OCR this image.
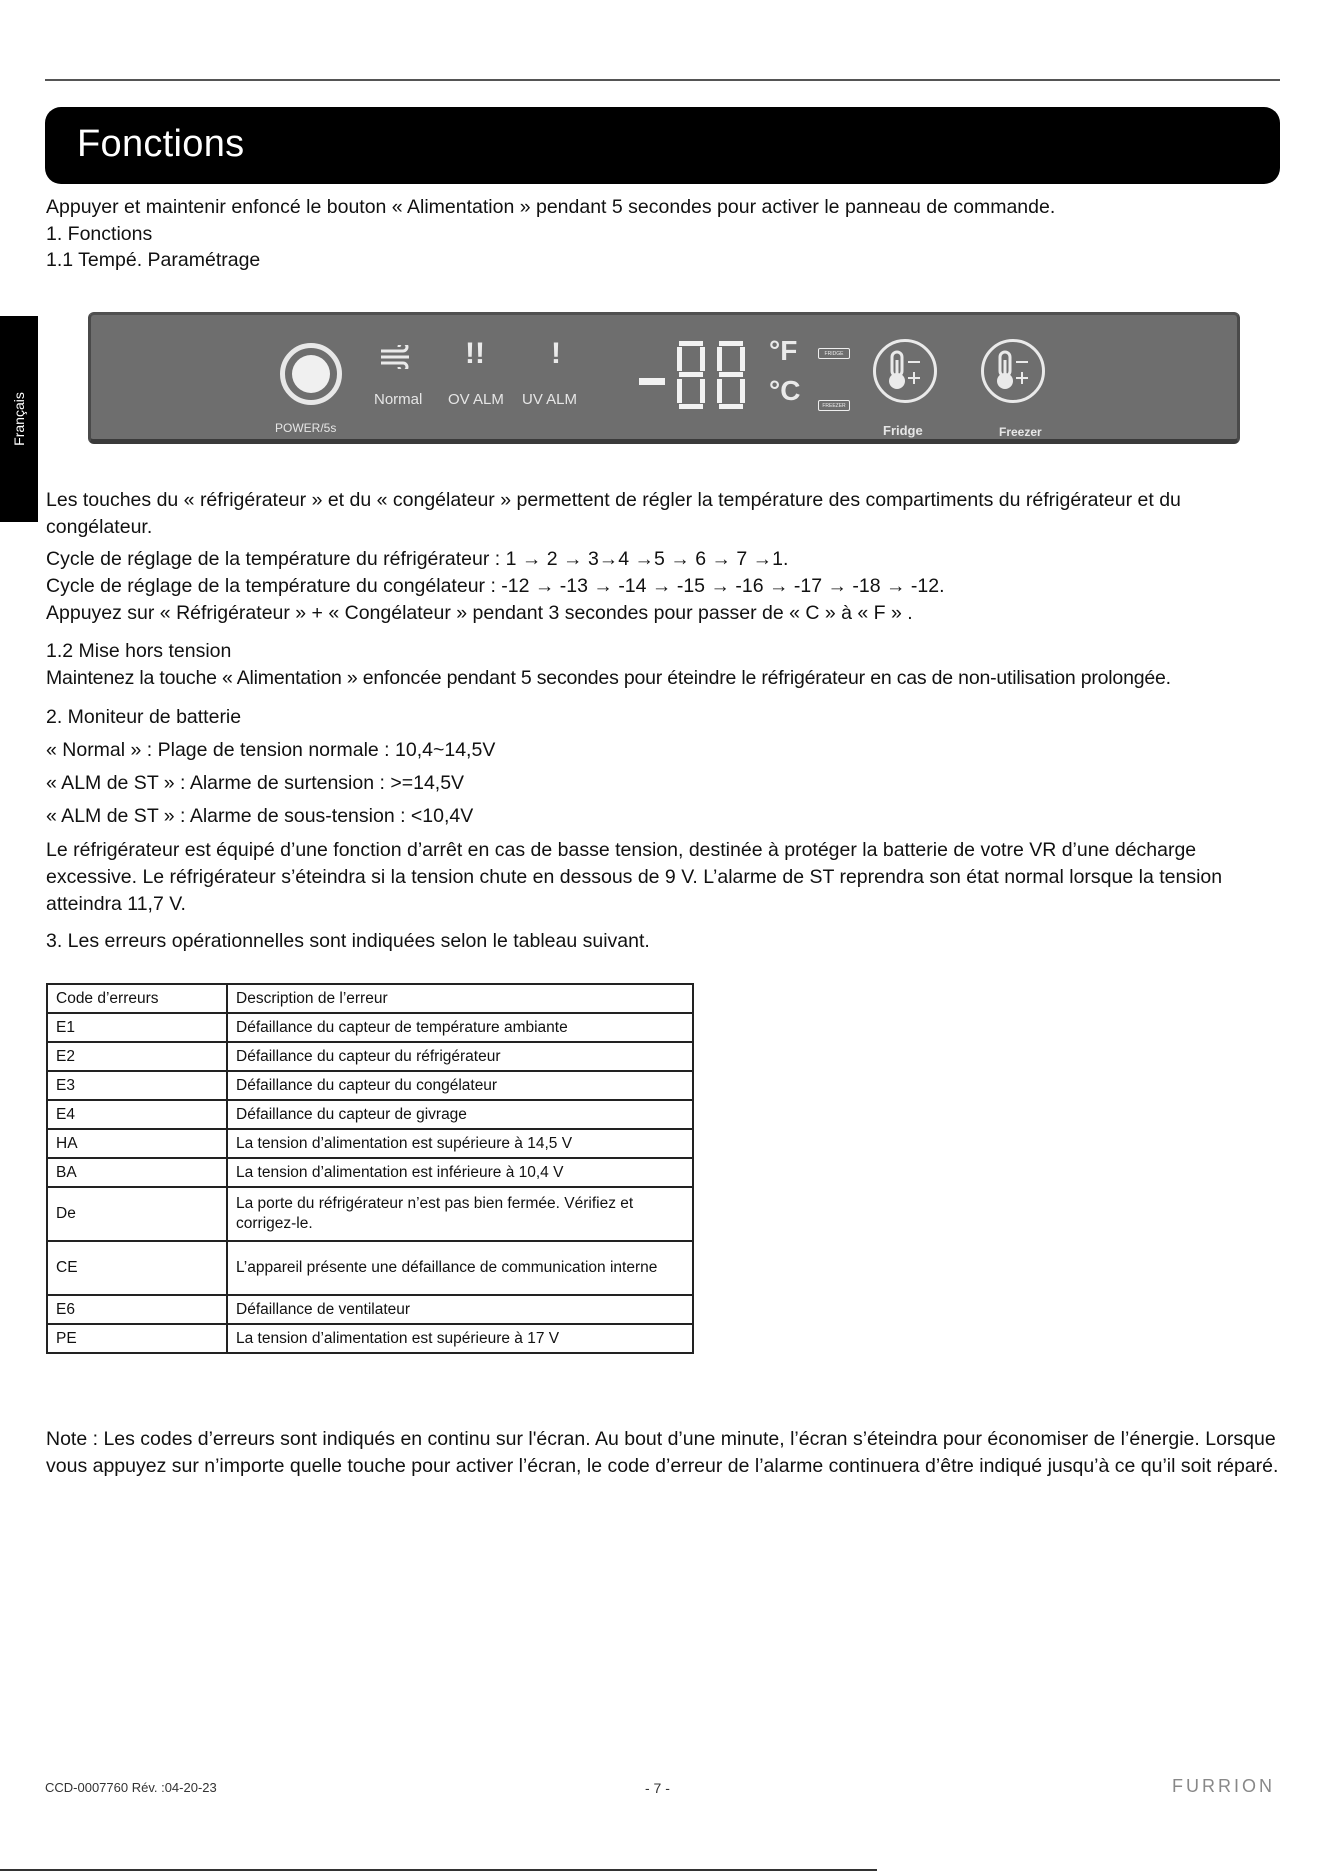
Fonctions
Français

Appuyer et maintenir enfoncé le bouton « Alimentation » pendant 5 secondes pour activer le panneau de commande.

1. Fonctions

1.1 Tempé. Paramétrage

POWER/5s
Normal
!!
OV ALM
!
UV ALM
°F
°C
FRIDGE
FREEZER
Fridge	Freezer

Les touches du « réfrigérateur » et du « congélateur » permettent de régler la température des compartiments du réfrigérateur et du congélateur.

Cycle de réglage de la température du réfrigérateur : 1 → 2 → 3→4 →5 → 6 → 7 →1.

Cycle de réglage de la température du congélateur : -12 → -13 → -14 → -15 → -16 → -17 → -18 → -12.

Appuyez sur « Réfrigérateur » + « Congélateur » pendant 3 secondes pour passer de « C » à « F » .

1.2 Mise hors tension

Maintenez la touche « Alimentation » enfoncée pendant 5 secondes pour éteindre le réfrigérateur en cas de non-utilisation prolongée.

2. Moniteur de batterie

« Normal » : Plage de tension normale : 10,4~14,5V

« ALM de ST » : Alarme de surtension : >=14,5V

« ALM de ST » : Alarme de sous-tension : <10,4V

Le réfrigérateur est équipé d’une fonction d’arrêt en cas de basse tension, destinée à protéger la batterie de votre VR d’une décharge excessive. Le réfrigérateur s’éteindra si la tension chute en dessous de 9 V. L’alarme de ST reprendra son état normal lorsque la tension atteindra 11,7 V.

3. Les erreurs opérationnelles sont indiquées selon le tableau suivant.

Code d’erreurs	Description de l’erreur
E1	Défaillance du capteur de température ambiante
E2	Défaillance du capteur du réfrigérateur
E3	Défaillance du capteur du congélateur
E4	Défaillance du capteur de givrage
HA	La tension d’alimentation est supérieure à 14,5 V
BA	La tension d’alimentation est inférieure à 10,4 V
De	La porte du réfrigérateur n’est pas bien fermée. Vérifiez et corrigez-le.
CE	L’appareil présente une défaillance de communication interne
E6	Défaillance de ventilateur
PE	La tension d’alimentation est supérieure à 17 V

Note : Les codes d’erreurs sont indiqués en continu sur l'écran. Au bout d’une minute, l’écran s’éteindra pour économiser de l’énergie. Lorsque vous appuyez sur n’importe quelle touche pour activer l’écran, le code d’erreur de l’alarme continuera d’être indiqué jusqu’à ce qu’il soit réparé.

CCD-0007760 Rév. :04-20-23	- 7 -	FURRION
